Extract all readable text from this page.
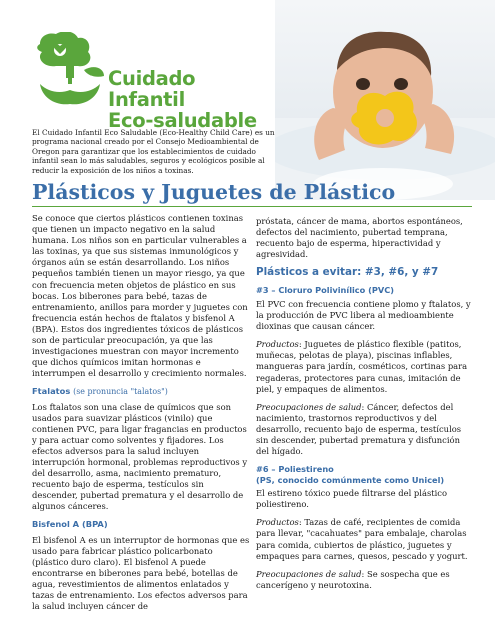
Cuidado Infantil
Eco-saludable
El Cuidado Infantil Eco Saludable (Eco-Healthy Child Care) es un programa nacional creado por el Consejo Medioambiental de Oregon para garantizar que los establecimientos de cuidado infantil sean lo más saludables, seguros y ecológicos posible al reducir la exposición de los niños a toxinas.
Plásticos y Juguetes de Plástico

Se conoce que ciertos plásticos contienen toxinas que tienen un impacto negativo en la salud humana. Los niños son en particular vulnerables a las toxinas, ya que sus sistemas inmunológicos y órganos aún se están desarrollando. Los niños pequeños también tienen un mayor riesgo, ya que con frecuencia meten objetos de plástico en sus bocas. Los biberones para bebé, tazas de entrenamiento, anillos para morder y juguetes con frecuencia están hechos de ftalatos y bisfenol A (BPA). Estos dos ingredientes tóxicos de plásticos son de particular preocupación, ya que las investigaciones muestran con mayor incremento que dichos químicos imitan hormonas e interrumpen el desarrollo y crecimiento normales.

Ftalatos (se pronuncia "talatos")

Los ftalatos son una clase de químicos que son usados para suavizar plásticos (vinilo) que contienen PVC, para ligar fragancias en productos y para actuar como solventes y fijadores. Los efectos adversos para la salud incluyen interrupción hormonal, problemas reproductivos y del desarrollo, asma, nacimiento prematuro, recuento bajo de esperma, testículos sin descender, pubertad prematura y el desarrollo de algunos cánceres.

Bisfenol A (BPA)

El bisfenol A es un interruptor de hormonas que es usado para fabricar plástico policarbonato (plástico duro claro). El bisfenol A puede encontrarse en biberones para bebé, botellas de agua, revestimientos de alimentos enlatados y tazas de entrenamiento. Los efectos adversos para la salud incluyen cáncer de

próstata, cáncer de mama, abortos espontáneos, defectos del nacimiento, pubertad temprana, recuento bajo de esperma, hiperactividad y agresividad.

Plásticos a evitar: #3, #6, y #7

#3 – Cloruro Polivinílico (PVC)

El PVC con frecuencia contiene plomo y ftalatos, y la producción de PVC libera al medioambiente dioxinas que causan cáncer.

Productos: Juguetes de plástico flexible (patitos, muñecas, pelotas de playa), piscinas inflables, mangueras para jardín, cosméticos, cortinas para regaderas, protectores para cunas, imitación de piel, y empaques de alimentos.

Preocupaciones de salud: Cáncer, defectos del nacimiento, trastornos reproductivos y del desarrollo, recuento bajo de esperma, testículos sin descender, pubertad prematura y disfunción del hígado.

#6 – Poliestireno
(PS, conocido comúnmente como Unicel)

El estireno tóxico puede filtrarse del plástico poliestireno.

Productos: Tazas de café, recipientes de comida para llevar, "cacahuates" para embalaje, charolas para comida, cubiertos de plástico, juguetes y empaques para carnes, quesos, pescado y yogurt.

Preocupaciones de salud: Se sospecha que es cancerígeno y neurotoxina.
